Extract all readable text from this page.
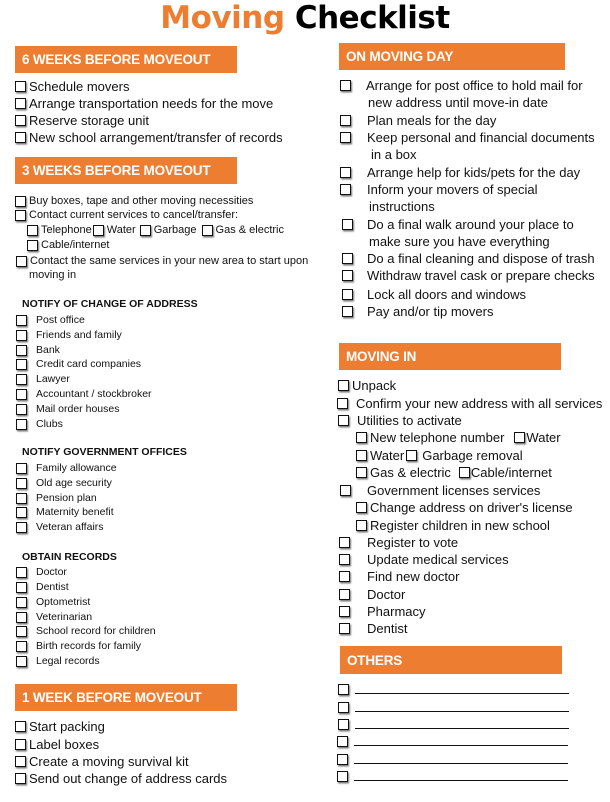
Moving Checklist
6 WEEKS BEFORE MOVEOUT
Schedule movers
Arrange transportation needs for the move
Reserve storage unit
New school arrangement/transfer of records
3 WEEKS BEFORE MOVEOUT
Buy boxes, tape and other moving necessities
Contact current services to cancel/transfer:
Telephone Water Garbage Gas & electric
Cable/internet
Contact the same services in your new area to start upon
moving in
NOTIFY OF CHANGE OF ADDRESS
NOTIFY GOVERNMENT OFFICES
OBTAIN RECORDS
Post office
Friends and family
Bank
Credit card companies
Lawyer
Accountant / stockbroker
Mail order houses
Clubs
Family allowance
Old age security
Pension plan
Maternity benefit
Veteran affairs
Doctor
Dentist
Optometrist
Veterinarian
School record for children
Birth records for family
Legal records
1 WEEK BEFORE MOVEOUT
Start packing
Label boxes
Create a moving survival kit
Send out change of address cards
ON MOVING DAY
Arrange for post office to hold mail for
new address until move-in date
Plan meals for the day
Keep personal and financial documents
in a box
Arrange help for kids/pets for the day
Inform your movers of special
instructions
Do a final walk around your place to
make sure you have everything
Do a final cleaning and dispose of trash
Withdraw travel cask or prepare checks
Lock all doors and windows
Pay and/or tip movers
MOVING IN
Unpack
Confirm your new address with all services
Utilities to activate
New telephone number Water
Water Garbage removal
Gas & electric Cable/internet
Government licenses services
Change address on driver's license
Register children in new school
Register to vote
Update medical services
Find new doctor
Doctor
Pharmacy
Dentist
OTHERS
